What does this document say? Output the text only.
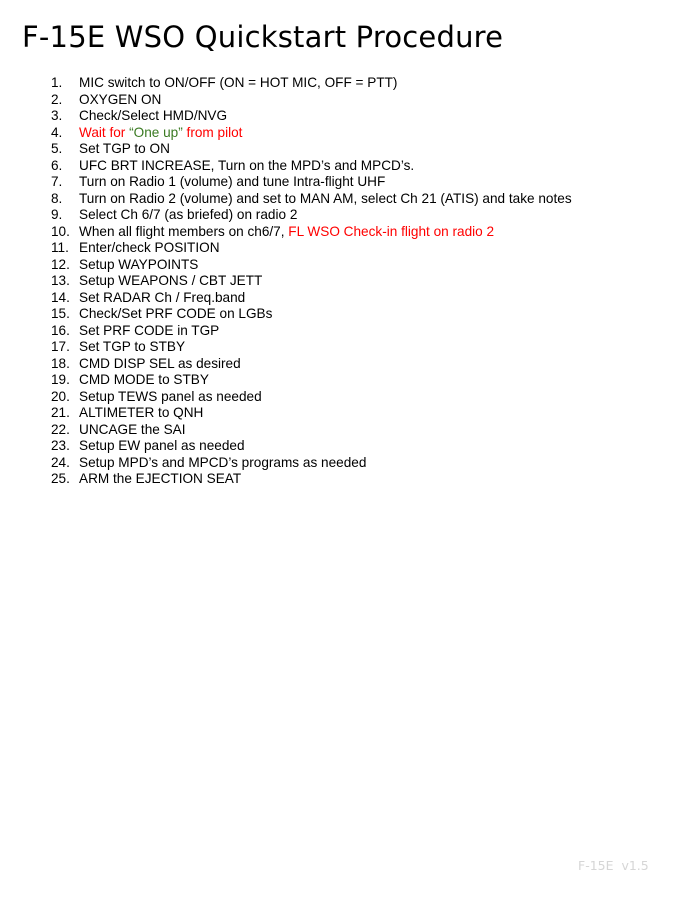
F-15E WSO Quickstart Procedure
1.	MIC switch to ON/OFF (ON = HOT MIC, OFF = PTT)
2.	OXYGEN ON
3.	Check/Select HMD/NVG
4.	Wait for “One up” from pilot
5.	Set TGP to ON
6.	UFC BRT INCREASE, Turn on the MPD’s and MPCD’s.
7.	Turn on Radio 1 (volume) and tune Intra-flight UHF
8.	Turn on Radio 2 (volume) and set to MAN AM, select Ch 21 (ATIS) and take notes
9.	Select Ch 6/7 (as briefed) on radio 2
10. When all flight members on ch6/7, FL WSO Check-in flight on radio 2
11. Enter/check POSITION
12. Setup WAYPOINTS
13. Setup WEAPONS / CBT JETT
14. Set RADAR Ch / Freq.band
15. Check/Set PRF CODE on LGBs
16. Set PRF CODE in TGP
17. Set TGP to STBY
18. CMD DISP SEL as desired
19. CMD MODE to STBY
20. Setup TEWS panel as needed
21. ALTIMETER to QNH
22. UNCAGE the SAI
23. Setup EW panel as needed
24. Setup MPD’s and MPCD’s programs as needed
25. ARM the EJECTION SEAT
F-15E  v1.5
